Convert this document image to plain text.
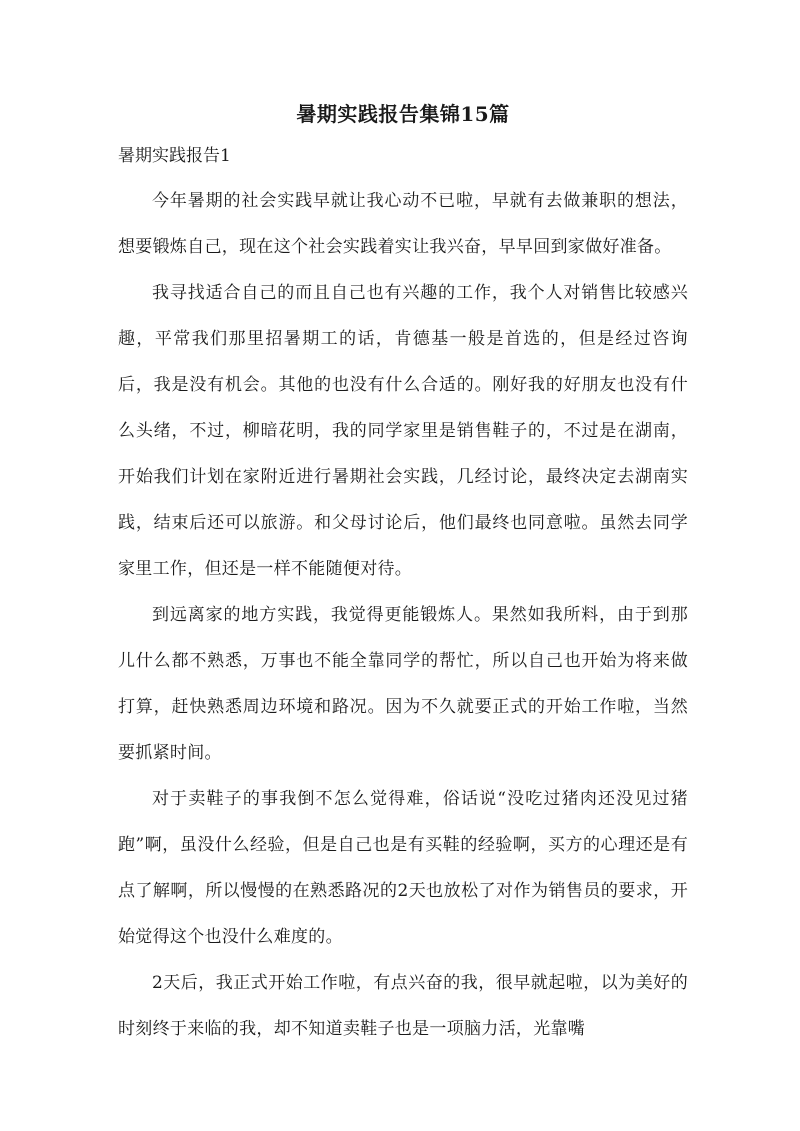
暑期实践报告集锦15篇
暑期实践报告1

今年暑期的社会实践早就让我心动不已啦，早就有去做兼职的想法，想要锻炼自己，现在这个社会实践着实让我兴奋，早早回到家做好准备。

我寻找适合自己的而且自己也有兴趣的工作，我个人对销售比较感兴趣，平常我们那里招暑期工的话，肯德基一般是首选的，但是经过咨询后，我是没有机会。其他的也没有什么合适的。刚好我的好朋友也没有什么头绪，不过，柳暗花明，我的同学家里是销售鞋子的，不过是在湖南，开始我们计划在家附近进行暑期社会实践，几经讨论，最终决定去湖南实践，结束后还可以旅游。和父母讨论后，他们最终也同意啦。虽然去同学家里工作，但还是一样不能随便对待。

到远离家的地方实践，我觉得更能锻炼人。果然如我所料，由于到那儿什么都不熟悉，万事也不能全靠同学的帮忙，所以自己也开始为将来做打算，赶快熟悉周边环境和路况。因为不久就要正式的开始工作啦，当然要抓紧时间。

对于卖鞋子的事我倒不怎么觉得难，俗话说“没吃过猪肉还没见过猪跑”啊，虽没什么经验，但是自己也是有买鞋的经验啊，买方的心理还是有点了解啊，所以慢慢的在熟悉路况的2天也放松了对作为销售员的要求，开始觉得这个也没什么难度的。

2天后，我正式开始工作啦，有点兴奋的我，很早就起啦，以为美好的时刻终于来临的我，却不知道卖鞋子也是一项脑力活，光靠嘴
